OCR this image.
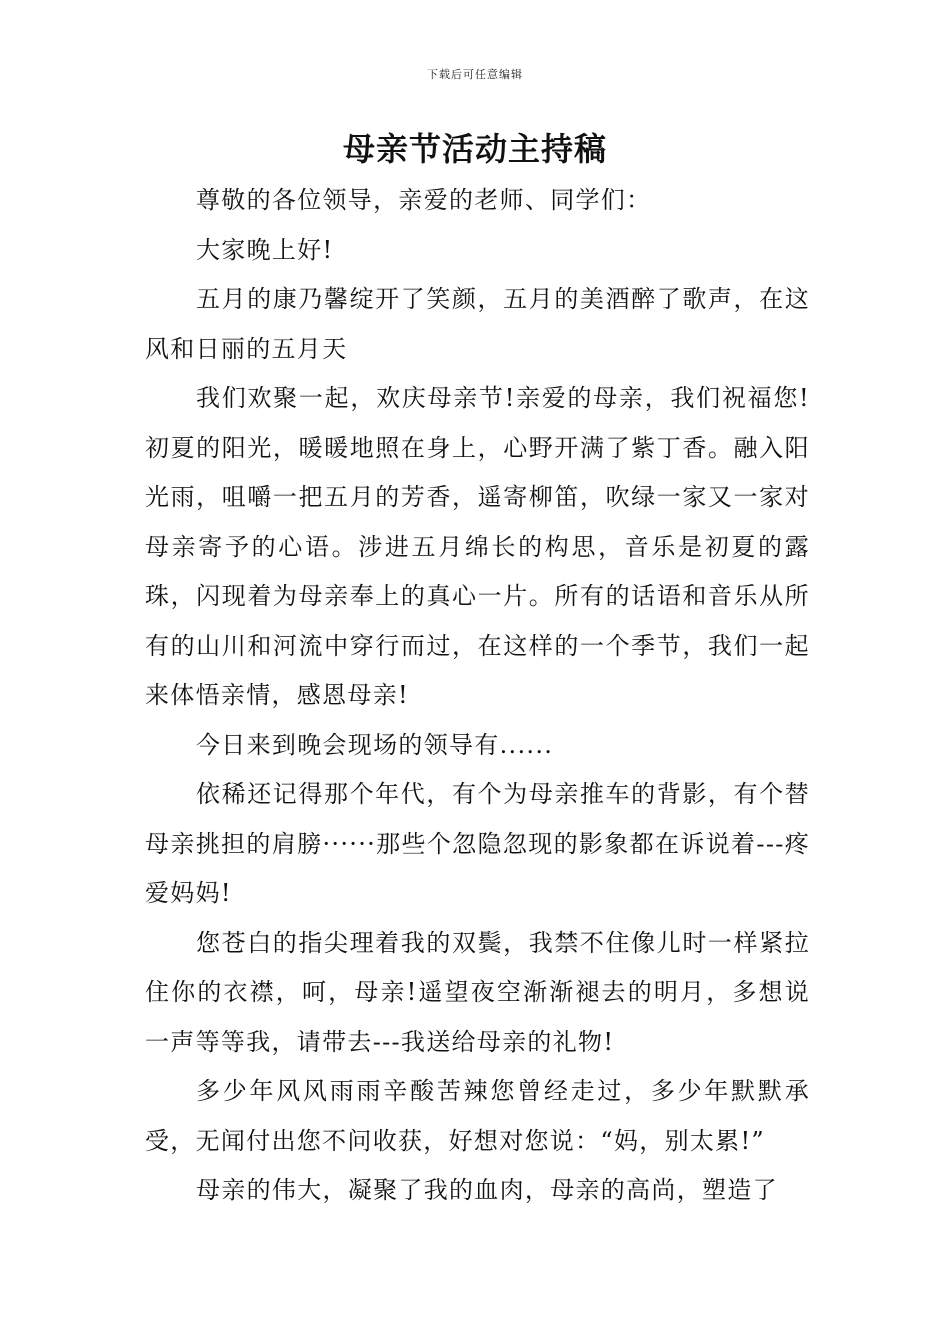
下载后可任意编辑
母亲节活动主持稿

尊敬的各位领导，亲爱的老师、同学们：

大家晚上好!

五月的康乃馨绽开了笑颜，五月的美酒醉了歌声，在这风和日丽的五月天

我们欢聚一起，欢庆母亲节!亲爱的母亲，我们祝福您!初夏的阳光，暖暖地照在身上，心野开满了紫丁香。融入阳光雨，咀嚼一把五月的芳香，遥寄柳笛，吹绿一家又一家对母亲寄予的心语。涉进五月绵长的构思，音乐是初夏的露珠，闪现着为母亲奉上的真心一片。所有的话语和音乐从所有的山川和河流中穿行而过，在这样的一个季节，我们一起来体悟亲情，感恩母亲!

今日来到晚会现场的领导有......

依稀还记得那个年代，有个为母亲推车的背影，有个替母亲挑担的肩膀······那些个忽隐忽现的影象都在诉说着---疼爱妈妈!

您苍白的指尖理着我的双鬓，我禁不住像儿时一样紧拉住你的衣襟，呵，母亲!遥望夜空渐渐褪去的明月，多想说一声等等我，请带去---我送给母亲的礼物!

多少年风风雨雨辛酸苦辣您曾经走过，多少年默默承受，无闻付出您不问收获，好想对您说：“妈，别太累!”

母亲的伟大，凝聚了我的血肉，母亲的高尚，塑造了
